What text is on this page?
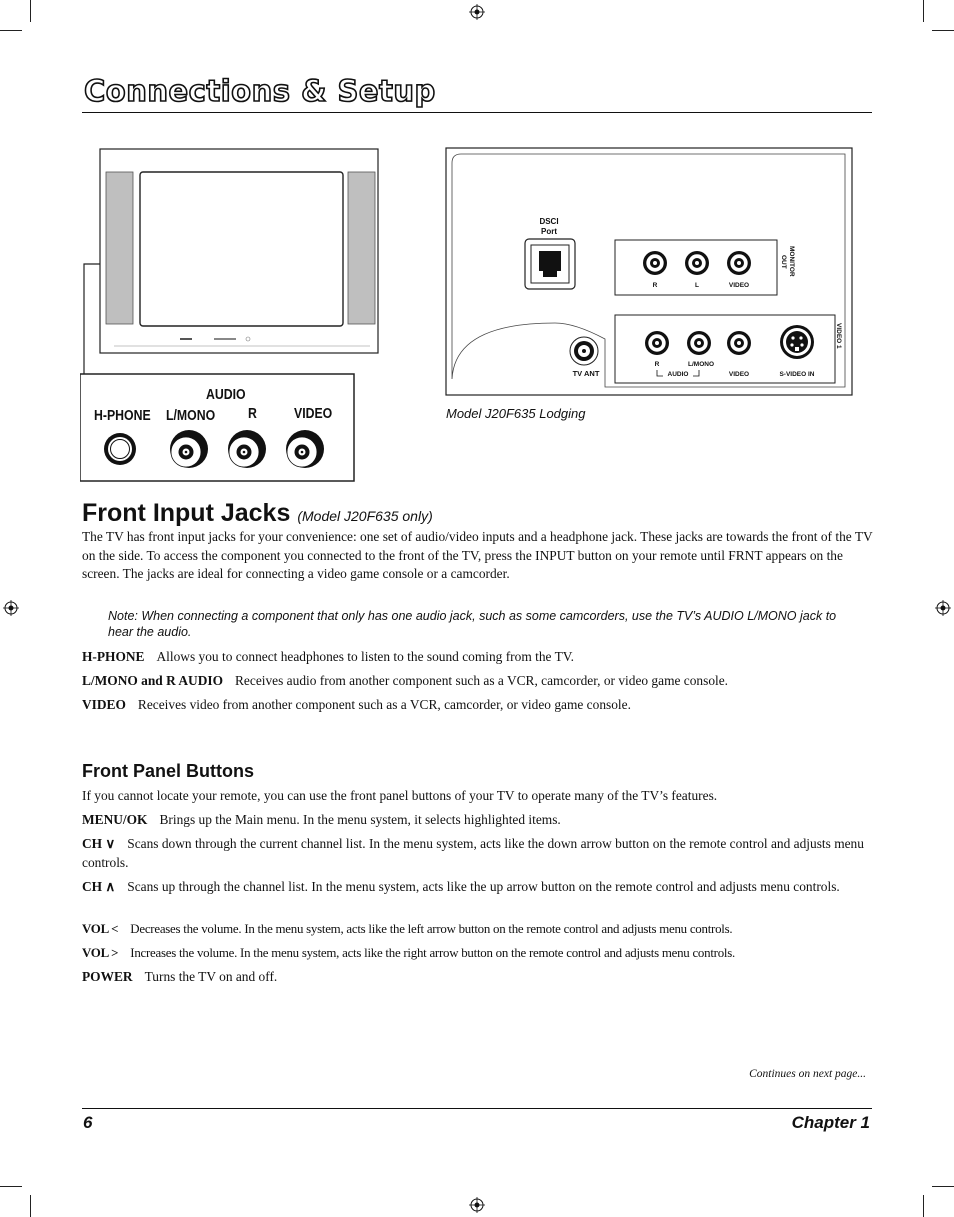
Connections & Setup
H-PHONE
AUDIO
L/MONO R VIDEO
DSCI
Port
R	L	VIDEO
MONITOR
OUT
R	L/MONO
AUDIO	VIDEO	S-VIDEO IN
VIDEO 1
TV ANT
Model J20F635 Lodging
Front Input Jacks (Model J20F635 only)
The TV has front input jacks for your convenience: one set of audio/video inputs and a headphone jack. These jacks are towards the front of the TV on the side. To access the component you connected to the front of the TV, press the INPUT button on your remote until FRNT appears on the screen. The jacks are ideal for connecting a video game console or a camcorder.
Note: When connecting a component that only has one audio jack, such as some camcorders, use the TV’s AUDIO L/MONO jack to hear the audio.
H-PHONE Allows you to connect headphones to listen to the sound coming from the TV.
L/MONO and R AUDIO Receives audio from another component such as a VCR, camcorder, or video game console.
VIDEO Receives video from another component such as a VCR, camcorder, or video game console.
Front Panel Buttons
If you cannot locate your remote, you can use the front panel buttons of your TV to operate many of the TV’s features.
MENU/OK Brings up the Main menu. In the menu system, it selects highlighted items.
CH ∨ Scans down through the current channel list. In the menu system, acts like the down arrow button on the remote control and adjusts menu controls.
CH ∧ Scans up through the channel list. In the menu system, acts like the up arrow button on the remote control and adjusts menu controls.
VOL < Decreases the volume. In the menu system, acts like the left arrow button on the remote control and adjusts menu controls.
VOL > Increases the volume. In the menu system, acts like the right arrow button on the remote control and adjusts menu controls.
POWER Turns the TV on and off.
Continues on next page...
6	Chapter 1
